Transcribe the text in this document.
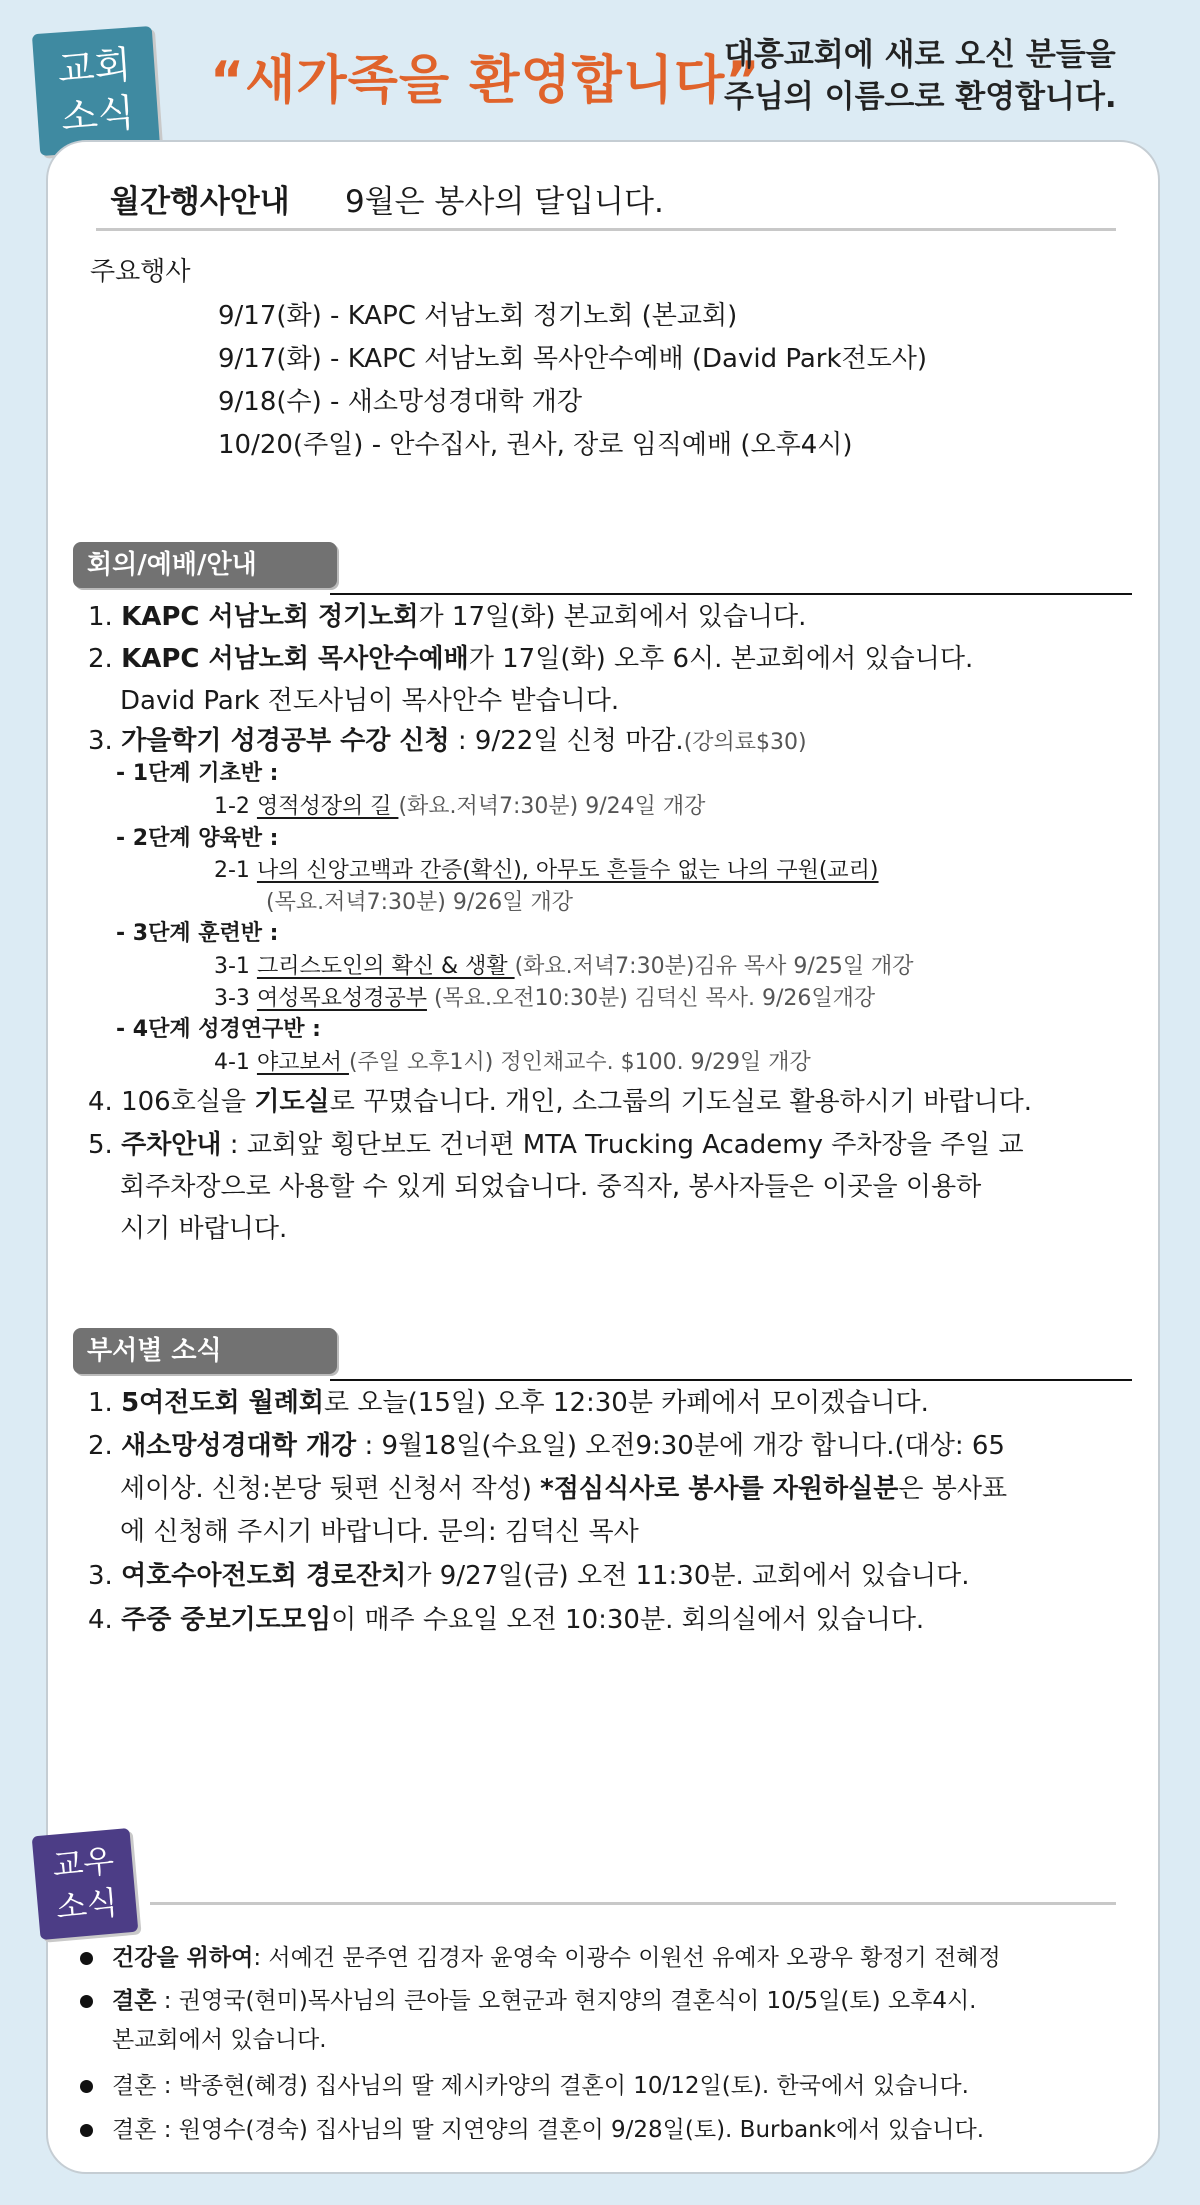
교회
소식
“새가족을 환영합니다”
대흥교회에 새로 오신 분들을
주님의 이름으로 환영합니다.
월간행사안내 9월은 봉사의 달입니다.
주요행사
9/17(화) - KAPC 서남노회 정기노회 (본교회)
9/17(화) - KAPC 서남노회 목사안수예배 (David Park전도사)
9/18(수) - 새소망성경대학 개강
10/20(주일) - 안수집사, 권사, 장로 임직예배 (오후4시)
회의/예배/안내
1. KAPC 서남노회 정기노회가 17일(화) 본교회에서 있습니다.
2. KAPC 서남노회 목사안수예배가 17일(화) 오후 6시. 본교회에서 있습니다.
David Park 전도사님이 목사안수 받습니다.
3. 가을학기 성경공부 수강 신청 : 9/22일 신청 마감.(강의료$30)
- 1단계 기초반 :
1-2 영적성장의 길 (화요.저녁7:30분) 9/24일 개강
- 2단계 양육반 :
2-1 나의 신앙고백과 간증(확신), 아무도 흔들수 없는 나의 구원(교리)
(목요.저녁7:30분) 9/26일 개강
- 3단계 훈련반 :
3-1 그리스도인의 확신 & 생활 (화요.저녁7:30분)김유 목사 9/25일 개강
3-3 여성목요성경공부 (목요.오전10:30분) 김덕신 목사. 9/26일개강
- 4단계 성경연구반 :
4-1 야고보서 (주일 오후1시) 정인채교수. $100. 9/29일 개강
4. 106호실을 기도실로 꾸몄습니다. 개인, 소그룹의 기도실로 활용하시기 바랍니다.
5. 주차안내 : 교회앞 횡단보도 건너편 MTA Trucking Academy 주차장을 주일 교
회주차장으로 사용할 수 있게 되었습니다. 중직자, 봉사자들은 이곳을 이용하
시기 바랍니다.
부서별 소식
1. 5여전도회 월례회로 오늘(15일) 오후 12:30분 카페에서 모이겠습니다.
2. 새소망성경대학 개강 : 9월18일(수요일) 오전9:30분에 개강 합니다.(대상: 65
세이상. 신청:본당 뒷편 신청서 작성) *점심식사로 봉사를 자원하실분은 봉사표
에 신청해 주시기 바랍니다. 문의: 김덕신 목사
3. 여호수아전도회 경로잔치가 9/27일(금) 오전 11:30분. 교회에서 있습니다.
4. 주중 중보기도모임이 매주 수요일 오전 10:30분. 회의실에서 있습니다.
교우
소식
건강을 위하여: 서예건 문주연 김경자 윤영숙 이광수 이원선 유예자 오광우 황정기 전혜정
결혼 : 권영국(현미)목사님의 큰아들 오현군과 현지양의 결혼식이 10/5일(토) 오후4시.
본교회에서 있습니다.
결혼 : 박종현(혜경) 집사님의 딸 제시카양의 결혼이 10/12일(토). 한국에서 있습니다.
결혼 : 원영수(경숙) 집사님의 딸 지연양의 결혼이 9/28일(토). Burbank에서 있습니다.
